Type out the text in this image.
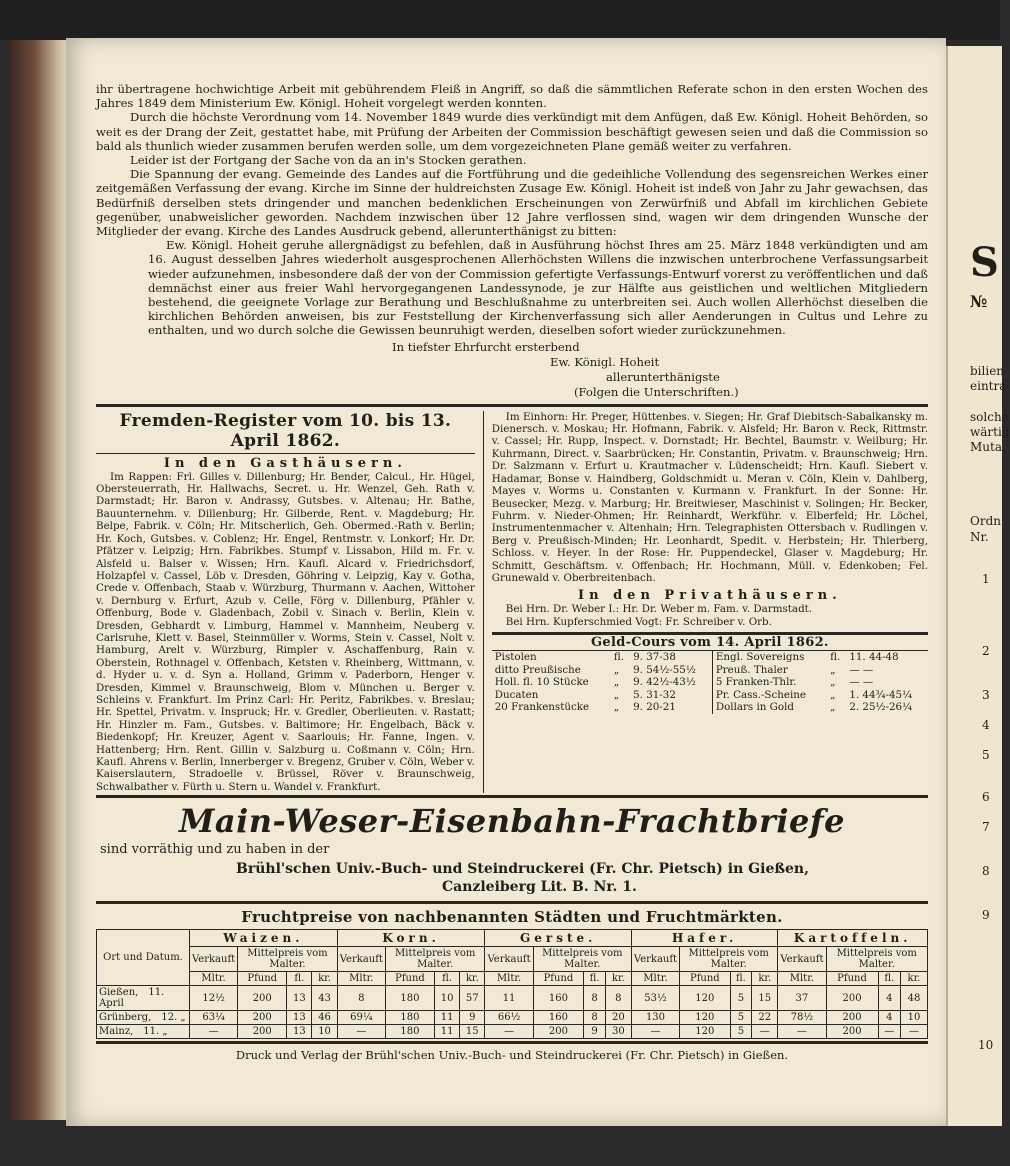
S
№
bilien
eintra
solche
wärtig
Muta
Ordn
Nr.
1
2
3
4
5
6
7
8
9
10

ihr übertragene hochwichtige Arbeit mit gebührendem Fleiß in Angriff, so daß die sämmtlichen Referate schon in den ersten Wochen des Jahres 1849 dem Ministerium Ew. Königl. Hoheit vorgelegt werden konnten.

Durch die höchste Verordnung vom 14. November 1849 wurde dies verkündigt mit dem Anfügen, daß Ew. Königl. Hoheit Behörden, so weit es der Drang der Zeit, gestattet habe, mit Prüfung der Arbeiten der Commission beschäftigt gewesen seien und daß die Commission so bald als thunlich wieder zusammen berufen werden solle, um dem vorgezeichneten Plane gemäß weiter zu verfahren.

Leider ist der Fortgang der Sache von da an in's Stocken gerathen.

Die Spannung der evang. Gemeinde des Landes auf die Fortführung und die gedeihliche Vollendung des segensreichen Werkes einer zeitgemäßen Verfassung der evang. Kirche im Sinne der huldreichsten Zusage Ew. Königl. Hoheit ist indeß von Jahr zu Jahr gewachsen, das Bedürfniß derselben stets dringender und manchen bedenklichen Erscheinungen von Zerwürfniß und Abfall im kirchlichen Gebiete gegenüber, unabweislicher geworden. Nachdem inzwischen über 12 Jahre verflossen sind, wagen wir dem dringenden Wunsche der Mitglieder der evang. Kirche des Landes Ausdruck gebend, allerunterthänigst zu bitten:

Ew. Königl. Hoheit geruhe allergnädigst zu befehlen, daß in Ausführung höchst Ihres am 25. März 1848 verkündigten und am 16. August desselben Jahres wiederholt ausgesprochenen Allerhöchsten Willens die inzwischen unterbrochene Verfassungsarbeit wieder aufzunehmen, insbesondere daß der von der Commission gefertigte Verfassungs-Entwurf vorerst zu veröffentlichen und daß demnächst einer aus freier Wahl hervorgegangenen Landessynode, je zur Hälfte aus geistlichen und weltlichen Mitgliedern bestehend, die geeignete Vorlage zur Berathung und Beschlußnahme zu unterbreiten sei. Auch wollen Allerhöchst dieselben die kirchlichen Behörden anweisen, bis zur Feststellung der Kirchenverfassung sich aller Aenderungen in Cultus und Lehre zu enthalten, und wo durch solche die Gewissen beunruhigt werden, dieselben sofort wieder zurückzunehmen.

In tiefster Ehrfurcht ersterbend
Ew. Königl. Hoheit
allerunterthänigste
(Folgen die Unterschriften.)
Fremden-Register vom 10. bis 13. April 1862.
In den Gasthäusern.

Im Rappen: Frl. Gilles v. Dillenburg; Hr. Bender, Calcul., Hr. Hügel, Obersteuerrath, Hr. Hallwachs, Secret. u. Hr. Wenzel, Geh. Rath v. Darmstadt; Hr. Baron v. Andrassy, Gutsbes. v. Altenau; Hr. Bathe, Bauunternehm. v. Dillenburg; Hr. Gilberde, Rent. v. Magdeburg; Hr. Belpe, Fabrik. v. Cöln; Hr. Mitscherlich, Geh. Obermed.-Rath v. Berlin; Hr. Koch, Gutsbes. v. Coblenz; Hr. Engel, Rentmstr. v. Lonkorf; Hr. Dr. Pfätzer v. Leipzig; Hrn. Fabrikbes. Stumpf v. Lissabon, Hild m. Fr. v. Alsfeld u. Balser v. Wissen; Hrn. Kaufl. Alcard v. Friedrichsdorf, Holzapfel v. Cassel, Löb v. Dresden, Göhring v. Leipzig, Kay v. Gotha, Crede v. Offenbach, Staab v. Würzburg, Thurmann v. Aachen, Wittoher v. Dernburg v. Erfurt, Azub v. Celle, Förg v. Dillenburg, Pfähler v. Offenburg, Bode v. Gladenbach, Zobil v. Sinach v. Berlin, Klein v. Dresden, Gebhardt v. Limburg, Hammel v. Mannheim, Neuberg v. Carlsruhe, Klett v. Basel, Steinmüller v. Worms, Stein v. Cassel, Nolt v. Hamburg, Arelt v. Würzburg, Rimpler v. Aschaffenburg, Rain v. Oberstein, Rothnagel v. Offenbach, Ketsten v. Rheinberg, Wittmann, v. d. Hyder u. v. d. Syn a. Holland, Grimm v. Paderborn, Henger v. Dresden, Kimmel v. Braunschweig, Blom v. München u. Berger v. Schleins v. Frankfurt. Im Prinz Carl: Hr. Peritz, Fabrikbes. v. Breslau; Hr. Spettel, Privatm. v. Inspruck; Hr. v. Gredler, Oberlieuten. v. Rastatt; Hr. Hinzler m. Fam., Gutsbes. v. Baltimore; Hr. Engelbach, Bäck v. Biedenkopf; Hr. Kreuzer, Agent v. Saarlouis; Hr. Fanne, Ingen. v. Hattenberg; Hrn. Rent. Gillin v. Salzburg u. Coßmann v. Cöln; Hrn. Kaufl. Ahrens v. Berlin, Innerberger v. Bregenz, Gruber v. Cöln, Weber v. Kaiserslautern, Stradoelle v. Brüssel, Röver v. Braunschweig, Schwalbather v. Fürth u. Stern u. Wandel v. Frankfurt.

Im Einhorn: Hr. Preger, Hüttenbes. v. Siegen; Hr. Graf Diebitsch-Sabalkansky m. Dienersch. v. Moskau; Hr. Hofmann, Fabrik. v. Alsfeld; Hr. Baron v. Reck, Rittmstr. v. Cassel; Hr. Rupp, Inspect. v. Dornstadt; Hr. Bechtel, Baumstr. v. Weilburg; Hr. Kuhrmann, Direct. v. Saarbrücken; Hr. Constantin, Privatm. v. Braunschweig; Hrn. Dr. Salzmann v. Erfurt u. Krautmacher v. Lüdenscheidt; Hrn. Kaufl. Siebert v. Hadamar, Bonse v. Haindberg, Goldschmidt u. Meran v. Cöln, Klein v. Dahlberg, Mayes v. Worms u. Constanten v. Kurmann v. Frankfurt. In der Sonne: Hr. Beusecker, Mezg. v. Marburg; Hr. Breitwieser, Maschinist v. Solingen; Hr. Becker, Fuhrm. v. Nieder-Ohmen; Hr. Reinhardt, Werkführ. v. Elberfeld; Hr. Löchel, Instrumentenmacher v. Altenhain; Hrn. Telegraphisten Ottersbach v. Rudlingen v. Berg v. Preußisch-Minden; Hr. Leonhardt, Spedit. v. Herbstein; Hr. Thierberg, Schloss. v. Heyer. In der Rose: Hr. Puppendeckel, Glaser v. Magdeburg; Hr. Schmitt, Geschäftsm. v. Offenbach; Hr. Hochmann, Müll. v. Edenkoben; Fel. Grunewald v. Oberbreitenbach.

In den Privathäusern.
Bei Hrn. Dr. Weber I.: Hr. Dr. Weber m. Fam. v. Darmstadt.
Bei Hrn. Kupferschmied Vogt: Fr. Schreiber v. Orb.
Geld-Cours vom 14. April 1862.
Pistolen	fl.	9. 37-38	Engl. Sovereigns	fl.	11. 44-48
ditto Preußische	„	9. 54½-55½	Preuß. Thaler	„	— —
Holl. fl. 10 Stücke	„	9. 42½-43½	5 Franken-Thlr.	„	— —
Ducaten	„	5. 31-32	Pr. Cass.-Scheine	„	1. 44¾-45¼
20 Frankenstücke	„	9. 20-21	Dollars in Gold	„	2. 25½-26¼
Main-Weser-Eisenbahn-Frachtbriefe
sind vorräthig und zu haben in der
Brühl'schen Univ.-Buch- und Steindruckerei (Fr. Chr. Pietsch) in Gießen,
Canzleiberg Lit. B. Nr. 1.
Fruchtpreise von nachbenannten Städten und Fruchtmärkten.
Ort und Datum.	Waizen.				Korn.				Gerste.				Hafer.				Kartoffeln.			
	Verkauft	Mittelpreis vom Malter.			Verkauft	Mittelpreis vom Malter.			Verkauft	Mittelpreis vom Malter.			Verkauft	Mittelpreis vom Malter.			Verkauft	Mittelpreis vom Malter.		
	Mltr.	Pfund	fl.	kr.	Mltr.	Pfund	fl.	kr.	Mltr.	Pfund	fl.	kr.	Mltr.	Pfund	fl.	kr.	Mltr.	Pfund	fl.	kr.
Gießen, 11. April	12½	200	13	43	8	180	10	57	11	160	8	8	53½	120	5	15	37	200	4	48
Grünberg, 12. „	63¼	200	13	46	69¼	180	11	9	66½	160	8	20	130	120	5	22	78½	200	4	10
Mainz, 11. „	—	200	13	10	—	180	11	15	—	200	9	30	—	120	5	—	—	200	—	—
Druck und Verlag der Brühl'schen Univ.-Buch- und Steindruckerei (Fr. Chr. Pietsch) in Gießen.
